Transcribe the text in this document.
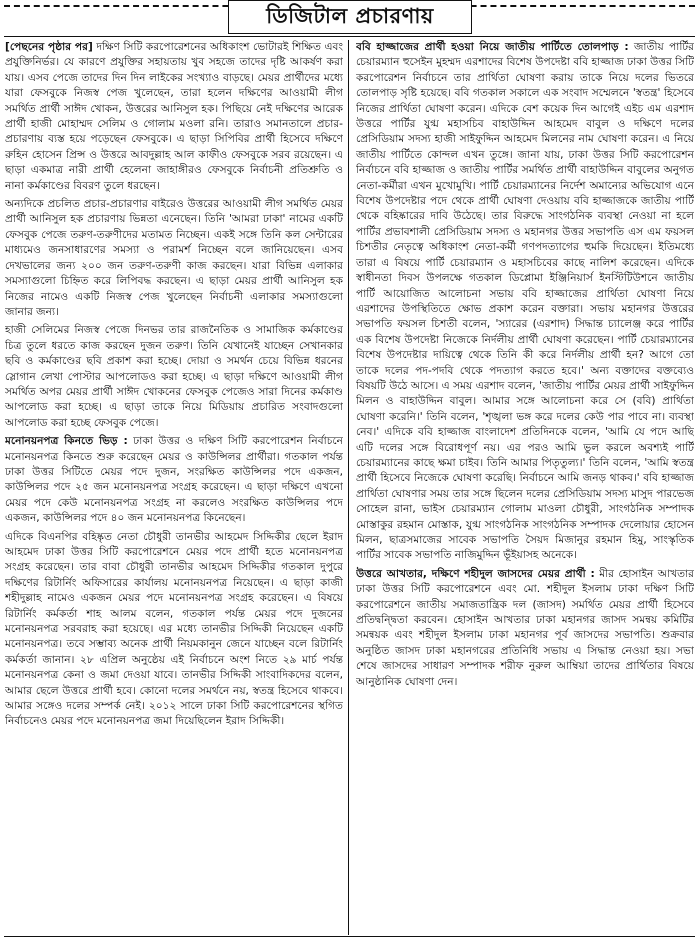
ডিজিটাল প্রচারণায়

[পেছনের পৃষ্ঠার পর] দক্ষিণ সিটি করপোরেশনের অধিকাংশ ভোটারই শিক্ষিত এবং প্রযুক্তিনির্ভর। যে কারণে প্রযুক্তির সহায়তায় খুব সহজে তাদের দৃষ্টি আকর্ষণ করা যায়। এসব পেজে তাদের দিন দিন লাইকের সংখ্যাও বাড়ছে। মেয়র প্রার্থীদের মধ্যে যারা ফেসবুকে নিজস্ব পেজ খুলেছেন, তারা হলেন দক্ষিণের আওয়ামী লীগ সমর্থিত প্রার্থী সাঈদ খোকন, উত্তরের আনিসুল হক। পিছিয়ে নেই দক্ষিণের আরেক প্রার্থী হাজী মোহাম্মদ সেলিম ও গোলাম মওলা রনি। তারাও সমানতালে প্রচার-প্রচারণায় ব্যস্ত হয়ে পড়েছেন ফেসবুকে। এ ছাড়া সিপিবির প্রার্থী হিসেবে দক্ষিণে রুহিন হোসেন প্রিন্স ও উত্তরে আবদুল্লাহ আল কাফীও ফেসবুকে সরব রয়েছেন। এ ছাড়া একমাত্র নারী প্রার্থী হেলেনা জাহাঙ্গীরও ফেসবুকে নির্বাচনী প্রতিশ্রুতি ও নানা কর্মকাণ্ডের বিবরণ তুলে ধরছেন।

অন্যদিকে প্রচলিত প্রচার-প্রচারণার বাইরেও উত্তরের আওয়ামী লীগ সমর্থিত মেয়র প্রার্থী আনিসুল হক প্রচারণায় ভিন্নতা এনেছেন। তিনি 'আমরা ঢাকা' নামের একটি ফেসবুক পেজে তরুণ-তরুণীদের মতামত নিচ্ছেন। একই সঙ্গে তিনি কল সেন্টারের মাধ্যমেও জনসাধারণের সমস্যা ও পরামর্শ নিচ্ছেন বলে জানিয়েছেন। এসব দেখভালের জন্য ২০০ জন তরুণ-তরুণী কাজ করছেন। যারা বিভিন্ন এলাকার সমস্যাগুলো চিহ্নিত করে লিপিবদ্ধ করছেন। এ ছাড়া মেয়র প্রার্থী আনিসুল হক নিজের নামেও একটি নিজস্ব পেজ খুলেছেন নির্বাচনী এলাকার সমস্যাগুলো জানার জন্য।

হাজী সেলিমের নিজস্ব পেজে দিনভর তার রাজনৈতিক ও সামাজিক কর্মকাণ্ডের চিত্র তুলে ধরতে কাজ করছেন দুজন তরুণ। তিনি যেখানেই যাচ্ছেন সেখানকার ছবি ও কর্মকাণ্ডের ছবি প্রকাশ করা হচ্ছে। দোয়া ও সমর্থন চেয়ে বিভিন্ন ধরনের স্লোগান লেখা পোস্টার আপলোডও করা হচ্ছে। এ ছাড়া দক্ষিণে আওয়ামী লীগ সমর্থিত অপর মেয়র প্রার্থী সাঈদ খোকনের ফেসবুক পেজেও সারা দিনের কর্মকাণ্ড আপলোড করা হচ্ছে। এ ছাড়া তাকে নিয়ে মিডিয়ায় প্রচারিত সংবাদগুলো আপলোড করা হচ্ছে ফেসবুক পেজে।

মনোনয়নপত্র কিনতে ভিড় : ঢাকা উত্তর ও দক্ষিণ সিটি করপোরেশন নির্বাচনে মনোনয়নপত্র কিনতে শুরু করেছেন মেয়র ও কাউন্সিলর প্রার্থীরা। গতকাল পর্যন্ত ঢাকা উত্তর সিটিতে মেয়র পদে দুজন, সংরক্ষিত কাউন্সিলর পদে একজন, কাউন্সিলর পদে ২৫ জন মনোনয়নপত্র সংগ্রহ করেছেন। এ ছাড়া দক্ষিণে এখনো মেয়র পদে কেউ মনোনয়নপত্র সংগ্রহ না করলেও সংরক্ষিত কাউন্সিলর পদে একজন, কাউন্সিলর পদে ৪০ জন মনোনয়নপত্র কিনেছেন।

এদিকে বিএনপির বহিষ্কৃত নেতা চৌধুরী তানভীর আহমেদ সিদ্দিকীর ছেলে ইরাদ আহমেদ ঢাকা উত্তর সিটি করপোরেশনে মেয়র পদে প্রার্থী হতে মনোনয়নপত্র সংগ্রহ করেছেন। তার বাবা চৌধুরী তানভীর আহমেদ সিদ্দিকীর গতকাল দুপুরে দক্ষিণের রিটার্নিং অফিসারের কার্যালয় মনোনয়নপত্র নিয়েছেন। এ ছাড়া কাজী শহীদুল্লাহ নামেও একজন মেয়র পদে মনোনয়নপত্র সংগ্রহ করেছেন। এ বিষয়ে রিটার্নিং কর্মকর্তা শাহ আলম বলেন, গতকাল পর্যন্ত মেয়র পদে দুজনের মনোনয়নপত্র সরবরাহ করা হয়েছে। এর মধ্যে তানভীর সিদ্দিকী নিয়েছেন একটি মনোনয়নপত্র। তবে সম্ভাব্য অনেক প্রার্থী নিয়মকানুন জেনে যাচ্ছেন বলে রিটার্নিং কর্মকর্তা জানান। ২৮ এপ্রিল অনুষ্ঠেয় এই নির্বাচনে অংশ নিতে ২৯ মার্চ পর্যন্ত মনোনয়নপত্র কেনা ও জমা দেওয়া যাবে। তানভীর সিদ্দিকী সাংবাদিকদের বলেন, আমার ছেলে উত্তরে প্রার্থী হবে। কোনো দলের সমর্থনে নয়, স্বতন্ত্র হিসেবে থাকবে। আমার সঙ্গেও দলের সম্পর্ক নেই। ২০১২ সালে ঢাকা সিটি করপোরেশনের স্থগিত নির্বাচনেও মেয়র পদে মনোনয়নপত্র জমা দিয়েছিলেন ইরাদ সিদ্দিকী।

ববি হাজ্জাজের প্রার্থী হওয়া নিয়ে জাতীয় পার্টিতে তোলপাড় : জাতীয় পার্টির চেয়ারম্যান হুসেইন মুহম্মদ এরশাদের বিশেষ উপদেষ্টা ববি হাজ্জাজ ঢাকা উত্তর সিটি করপোরেশন নির্বাচনে তার প্রার্থিতা ঘোষণা করায় তাকে নিয়ে দলের ভিতরে তোলপাড় সৃষ্টি হয়েছে। ববি গতকাল সকালে এক সংবাদ সম্মেলনে 'স্বতন্ত্র' হিসেবে নিজের প্রার্থিতা ঘোষণা করেন। এদিকে বেশ কয়েক দিন আগেই এইচ এম এরশাদ উত্তরে পার্টির যুগ্ম মহাসচিব বাহাউদ্দিন আহমেদ বাবুল ও দক্ষিণে দলের প্রেসিডিয়াম সদস্য হাজী সাইফুদ্দিন আহমেদ মিলনের নাম ঘোষণা করেন। এ নিয়ে জাতীয় পার্টিতে কোন্দল এখন তুঙ্গে। জানা যায়, ঢাকা উত্তর সিটি করপোরেশন নির্বাচনে ববি হাজ্জাজ ও জাতীয় পার্টির সমর্থিত প্রার্থী বাহাউদ্দিন বাবুলের অনুগত নেতা-কর্মীরা এখন মুখোমুখি। পার্টি চেয়ারম্যানের নির্দেশ অমান্যের অভিযোগ এনে বিশেষ উপদেষ্টার পদে থেকে প্রার্থী ঘোষণা দেওয়ায় ববি হাজ্জাজকে জাতীয় পার্টি থেকে বহিষ্কারের দাবি উঠেছে। তার বিরুদ্ধে সাংগঠনিক ব্যবস্থা নেওয়া না হলে পার্টির প্রভাবশালী প্রেসিডিয়াম সদস্য ও মহানগর উত্তর সভাপতি এস এম ফয়সল চিশতীর নেতৃত্বে অধিকাংশ নেতা-কর্মী গণপদত্যাগের হুমকি দিয়েছেন। ইতিমধ্যে তারা এ বিষয়ে পার্টি চেয়ারম্যান ও মহাসচিবের কাছে নালিশ করেছেন। এদিকে স্বাধীনতা দিবস উপলক্ষে গতকাল ডিপ্লোমা ইঞ্জিনিয়ার্স ইনস্টিটিউশনে জাতীয় পার্টি আয়োজিত আলোচনা সভায় ববি হাজ্জাজের প্রার্থিতা ঘোষণা নিয়ে এরশাদের উপস্থিতিতে ক্ষোভ প্রকাশ করেন বক্তারা। সভায় মহানগর উত্তরের সভাপতি ফয়সল চিশতী বলেন, 'স্যারের (এরশাদ) সিদ্ধান্ত চ্যালেঞ্জ করে পার্টির এক বিশেষ উপদেষ্টা নিজেকে নির্দলীয় প্রার্থী ঘোষণা করেছেন। পার্টি চেয়ারম্যানের বিশেষ উপদেষ্টার দায়িত্বে থেকে তিনি কী করে নির্দলীয় প্রার্থী হন? আগে তো তাকে দলের পদ-পদবি থেকে পদত্যাগ করতে হবে।' অন্য বক্তাদের বক্তব্যেও বিষয়টি উঠে আসে। এ সময় এরশাদ বলেন, 'জাতীয় পার্টির মেয়র প্রার্থী সাইফুদ্দিন মিলন ও বাহাউদ্দিন বাবুল। আমার সঙ্গে আলোচনা করে সে (ববি) প্রার্থিতা ঘোষণা করেনি।' তিনি বলেন, 'শৃঙ্খলা ভঙ্গ করে দলের কেউ পার পাবে না। ব্যবস্থা নেব।' এদিকে ববি হাজ্জাজ বাংলাদেশ প্রতিদিনকে বলেন, 'আমি যে পদে আছি এটি দলের সঙ্গে বিরোধপূর্ণ নয়। এর পরও আমি ভুল করলে অবশ্যই পার্টি চেয়ারম্যানের কাছে ক্ষমা চাইব। তিনি আমার পিতৃতুল্য।' তিনি বলেন, 'আমি স্বতন্ত্র প্রার্থী হিসেবে নিজেকে ঘোষণা করেছি। নির্বাচনে আমি জনড় থাকব।' ববি হাজ্জাজ প্রার্থিতা ঘোষণার সময় তার সঙ্গে ছিলেন দলের প্রেসিডিয়াম সদস্য মাসুদ পারভেজ সোহেল রানা, ভাইস চেয়ারম্যান গোলাম মাওলা চৌধুরী, সাংগঠনিক সম্পাদক মোস্তাকুর রহমান মোস্তাক, যুগ্ম সাংগঠনিক সাংগঠনিক সম্পাদক দেলোয়ার হোসেন মিলন, ছাত্রসমাজের সাবেক সভাপতি সৈয়দ মিজানুর রহমান হিমু, সাংস্কৃতিক পার্টির সাবেক সভাপতি নাজিমুদ্দিন ভূঁইয়াসহ অনেকে।

উত্তরে আখতার, দক্ষিণে শহীদুল জাসদের মেয়র প্রার্থী : মীর হোসাইন আখতার ঢাকা উত্তর সিটি করপোরেশনে এবং মো. শহীদুল ইসলাম ঢাকা দক্ষিণ সিটি করপোরেশনে জাতীয় সমাজতান্ত্রিক দল (জাসদ) সমর্থিত মেয়র প্রার্থী হিসেবে প্রতিদ্বন্দ্বিতা করবেন। হোসাইন আখতার ঢাকা মহানগর জাসদ সমন্বয় কমিটির সমন্বয়ক এবং শহীদুল ইসলাম ঢাকা মহানগর পূর্ব জাসদের সভাপতি। শুক্রবার অনুষ্ঠিত জাসদ ঢাকা মহানগরের প্রতিনিধি সভায় এ সিদ্ধান্ত নেওয়া হয়। সভা শেষে জাসদের সাধারণ সম্পাদক শরীফ নুরুল আম্বিয়া তাদের প্রার্থিতার বিষয়ে আনুষ্ঠানিক ঘোষণা দেন।
